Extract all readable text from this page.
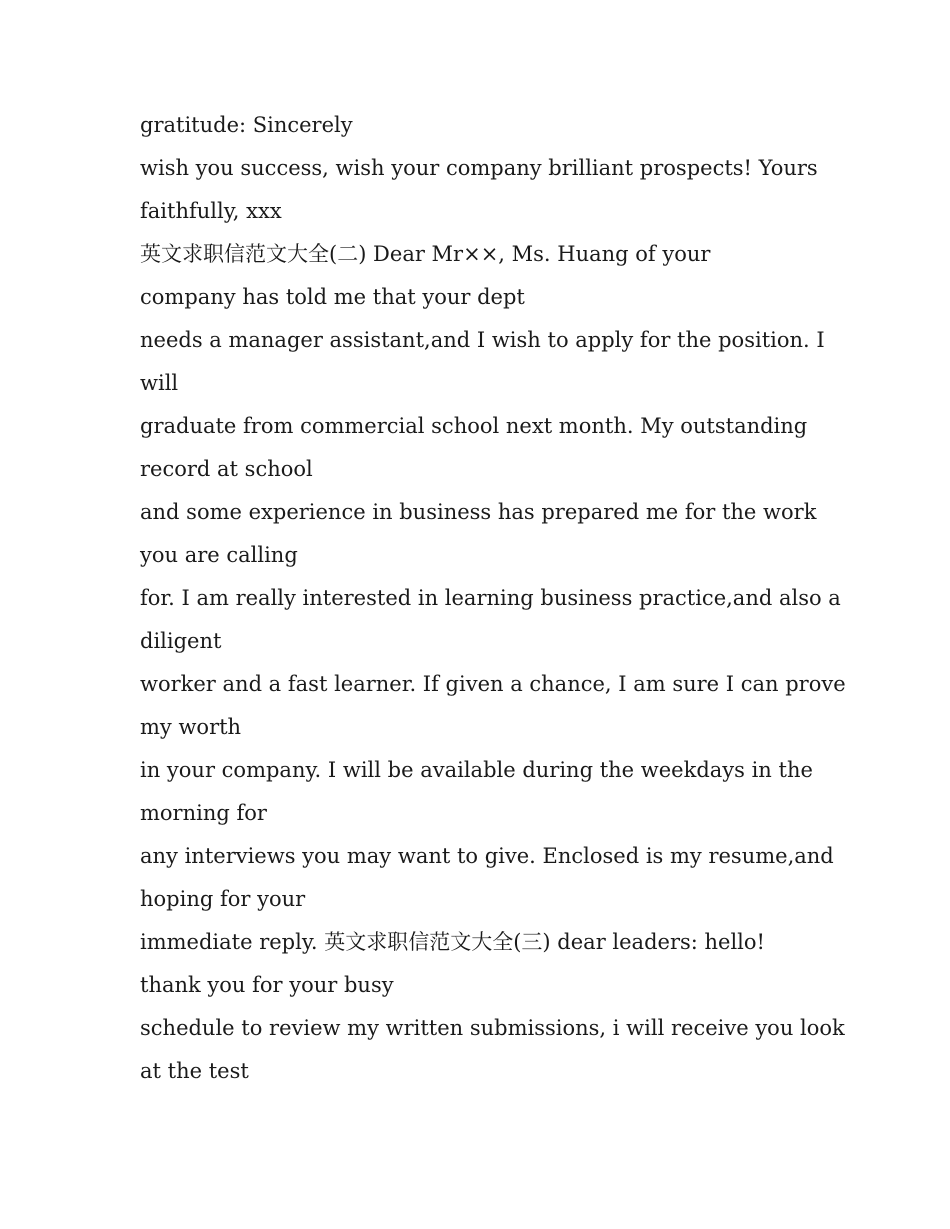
gratitude: Sincerely

wish you success, wish your company brilliant prospects! Yours

faithfully, xxx

英文求职信范文大全(二) Dear Mr××, Ms. Huang of your

company has told me that your dept

needs a manager assistant,and I wish to apply for the position. I

will

graduate from commercial school next month. My outstanding

record at school

and some experience in business has prepared me for the work

you are calling

for. I am really interested in learning business practice,and also a

diligent

worker and a fast learner. If given a chance, I am sure I can prove

my worth

in your company. I will be available during the weekdays in the

morning for

any interviews you may want to give. Enclosed is my resume,and

hoping for your

immediate reply. 英文求职信范文大全(三) dear leaders: hello!

thank you for your busy

schedule to review my written submissions, i will receive you look

at the test
